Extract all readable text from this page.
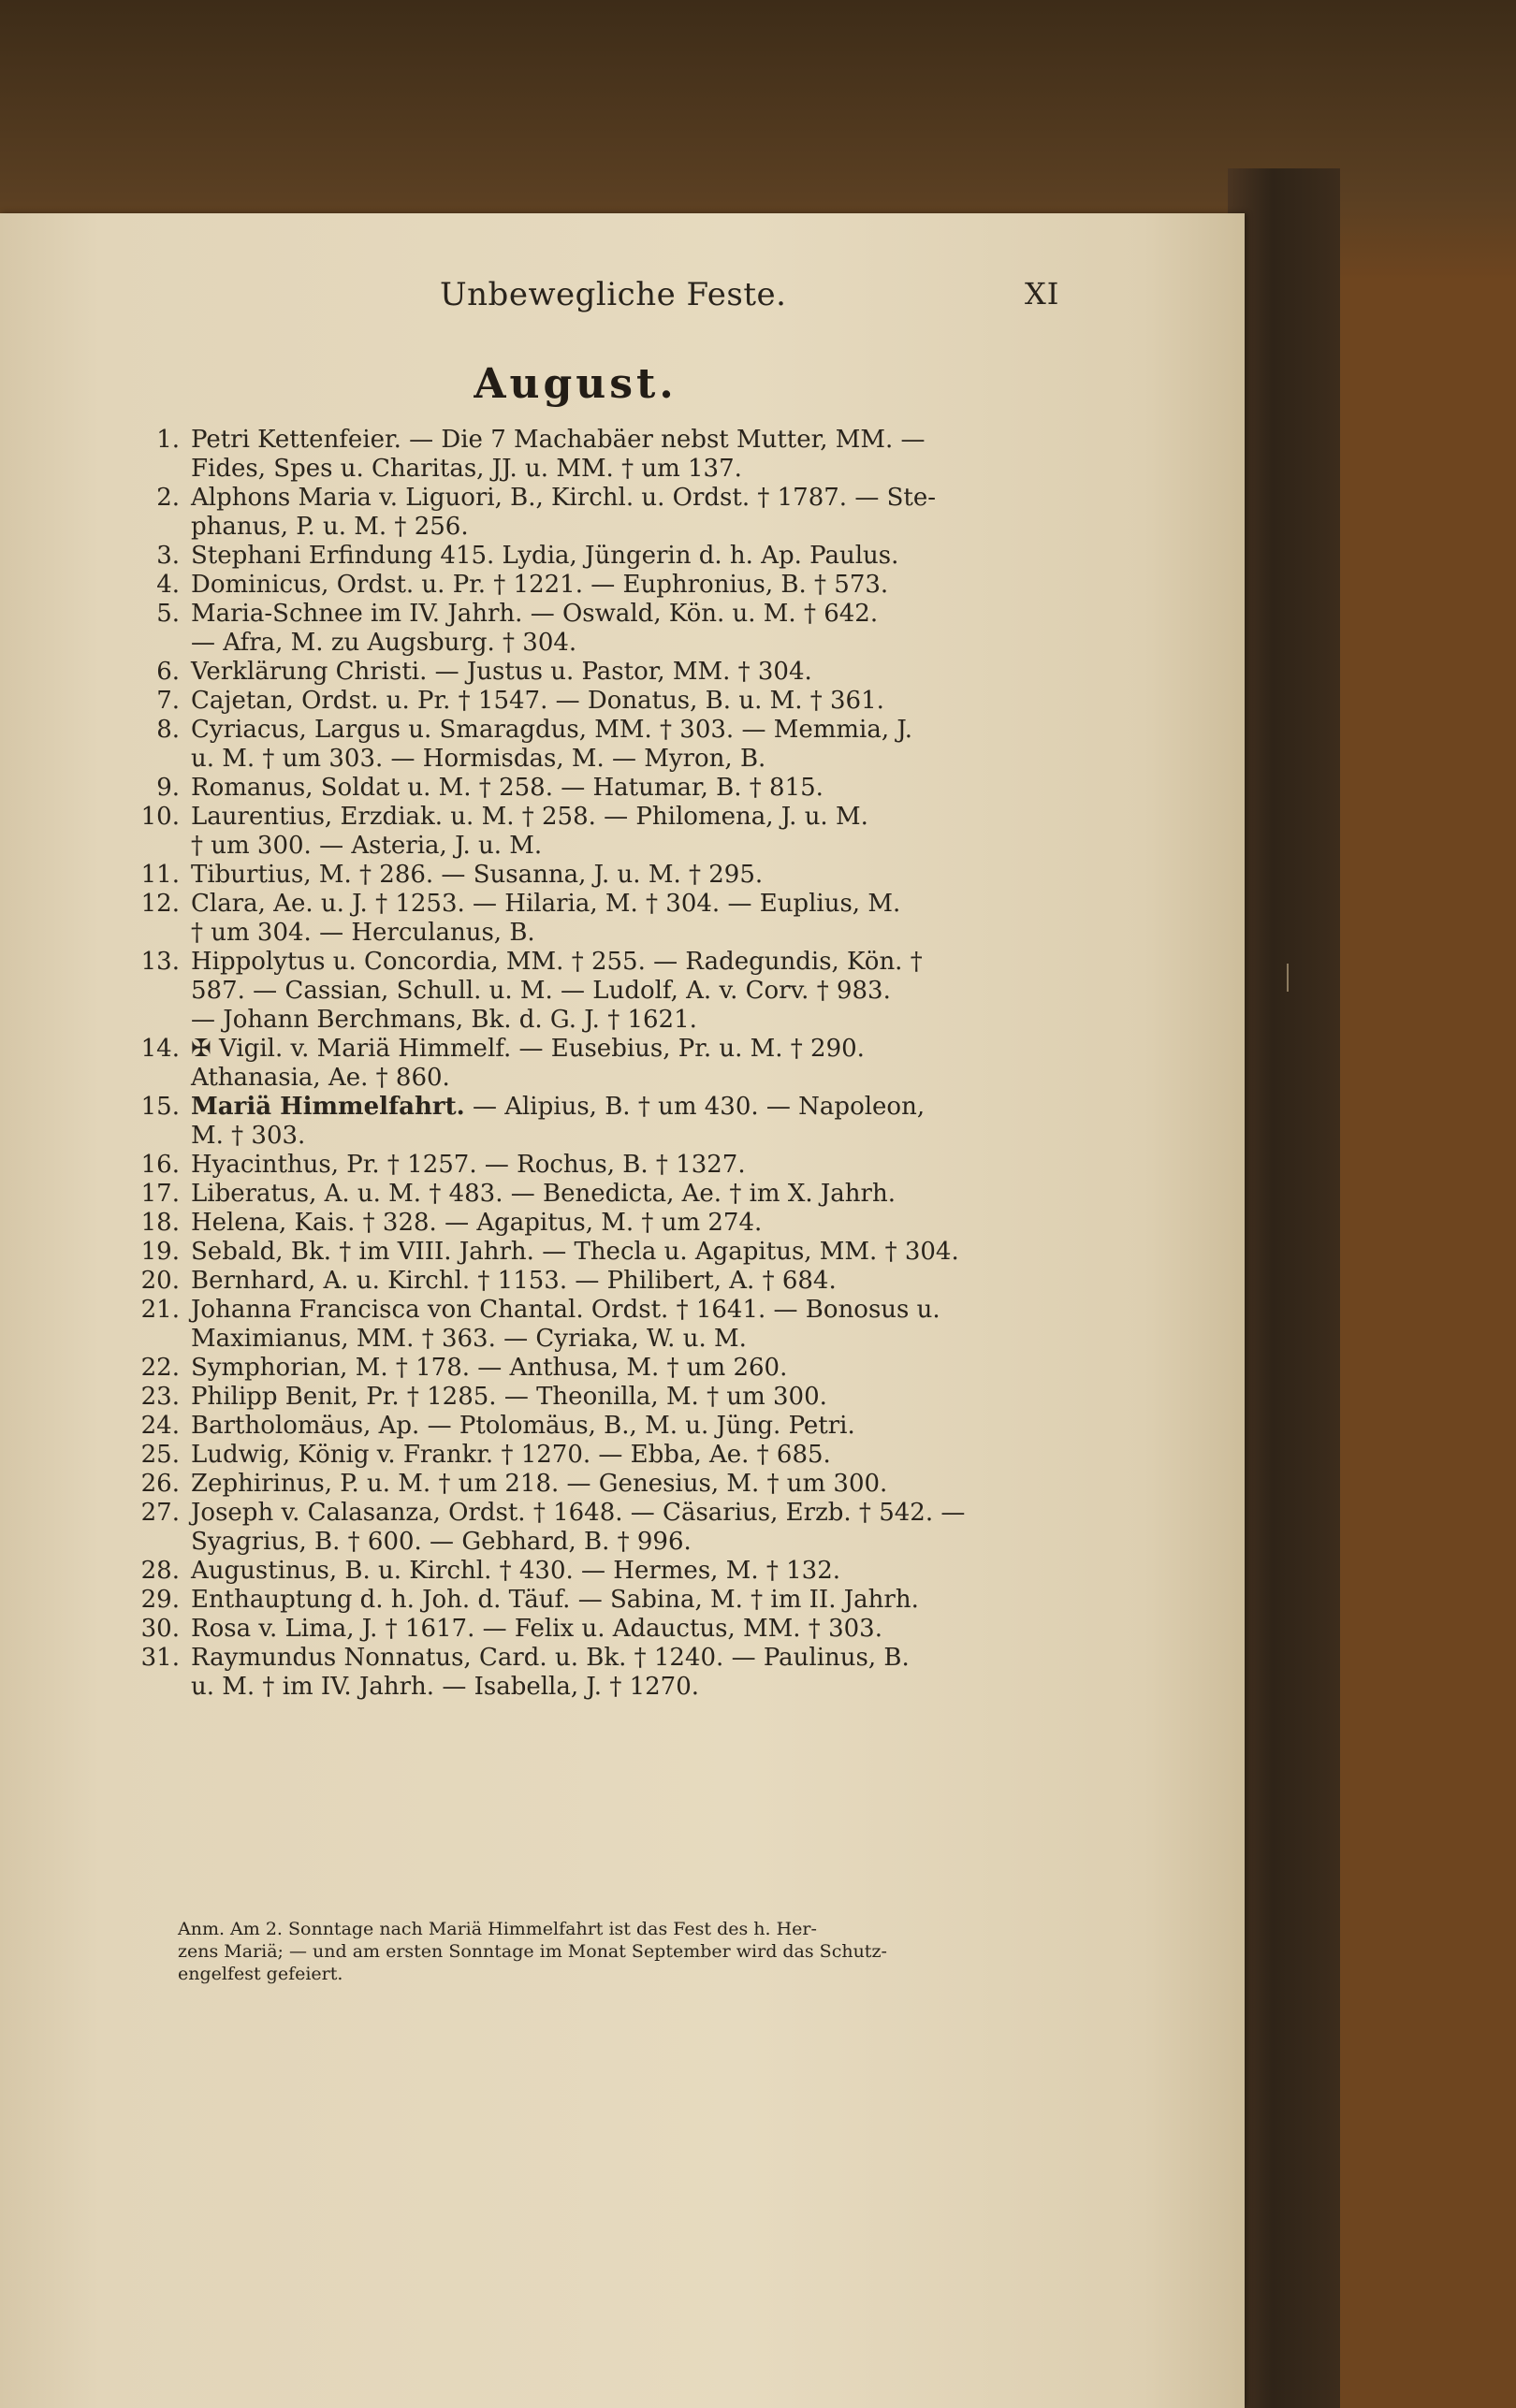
Unbewegliche Feste.	XI
August.
1. Petri Kettenfeier. — Die 7 Machabäer nebst Mutter, MM. —
Fides, Spes u. Charitas, JJ. u. MM. † um 137.
2. Alphons Maria v. Liguori, B., Kirchl. u. Ordst. † 1787. — Ste-
phanus, P. u. M. † 256.
3. Stephani Erfindung 415. Lydia, Jüngerin d. h. Ap. Paulus.
4. Dominicus, Ordst. u. Pr. † 1221. — Euphronius, B. † 573.
5. Maria-Schnee im IV. Jahrh. — Oswald, Kön. u. M. † 642.
— Afra, M. zu Augsburg. † 304.
6. Verklärung Christi. — Justus u. Pastor, MM. † 304.
7. Cajetan, Ordst. u. Pr. † 1547. — Donatus, B. u. M. † 361.
8. Cyriacus, Largus u. Smaragdus, MM. † 303. — Memmia, J.
u. M. † um 303. — Hormisdas, M. — Myron, B.
9. Romanus, Soldat u. M. † 258. — Hatumar, B. † 815.
10. Laurentius, Erzdiak. u. M. † 258. — Philomena, J. u. M.
† um 300. — Asteria, J. u. M.
11. Tiburtius, M. † 286. — Susanna, J. u. M. † 295.
12. Clara, Ae. u. J. † 1253. — Hilaria, M. † 304. — Euplius, M.
† um 304. — Herculanus, B.
13. Hippolytus u. Concordia, MM. † 255. — Radegundis, Kön. †
587. — Cassian, Schull. u. M. — Ludolf, A. v. Corv. † 983.
— Johann Berchmans, Bk. d. G. J. † 1621.
14. ✠ Vigil. v. Mariä Himmelf. — Eusebius, Pr. u. M. † 290.
Athanasia, Ae. † 860.
15. Mariä Himmelfahrt. — Alipius, B. † um 430. — Napoleon,
M. † 303.
16. Hyacinthus, Pr. † 1257. — Rochus, B. † 1327.
17. Liberatus, A. u. M. † 483. — Benedicta, Ae. † im X. Jahrh.
18. Helena, Kais. † 328. — Agapitus, M. † um 274.
19. Sebald, Bk. † im VIII. Jahrh. — Thecla u. Agapitus, MM. † 304.
20. Bernhard, A. u. Kirchl. † 1153. — Philibert, A. † 684.
21. Johanna Francisca von Chantal. Ordst. † 1641. — Bonosus u.
Maximianus, MM. † 363. — Cyriaka, W. u. M.
22. Symphorian, M. † 178. — Anthusa, M. † um 260.
23. Philipp Benit, Pr. † 1285. — Theonilla, M. † um 300.
24. Bartholomäus, Ap. — Ptolomäus, B., M. u. Jüng. Petri.
25. Ludwig, König v. Frankr. † 1270. — Ebba, Ae. † 685.
26. Zephirinus, P. u. M. † um 218. — Genesius, M. † um 300.
27. Joseph v. Calasanza, Ordst. † 1648. — Cäsarius, Erzb. † 542. —
Syagrius, B. † 600. — Gebhard, B. † 996.
28. Augustinus, B. u. Kirchl. † 430. — Hermes, M. † 132.
29. Enthauptung d. h. Joh. d. Täuf. — Sabina, M. † im II. Jahrh.
30. Rosa v. Lima, J. † 1617. — Felix u. Adauctus, MM. † 303.
31. Raymundus Nonnatus, Card. u. Bk. † 1240. — Paulinus, B.
u. M. † im IV. Jahrh. — Isabella, J. † 1270.
Anm. Am 2. Sonntage nach Mariä Himmelfahrt ist das Fest des h. Her-
zens Mariä; — und am ersten Sonntage im Monat September wird das Schutz-
engelfest gefeiert.
